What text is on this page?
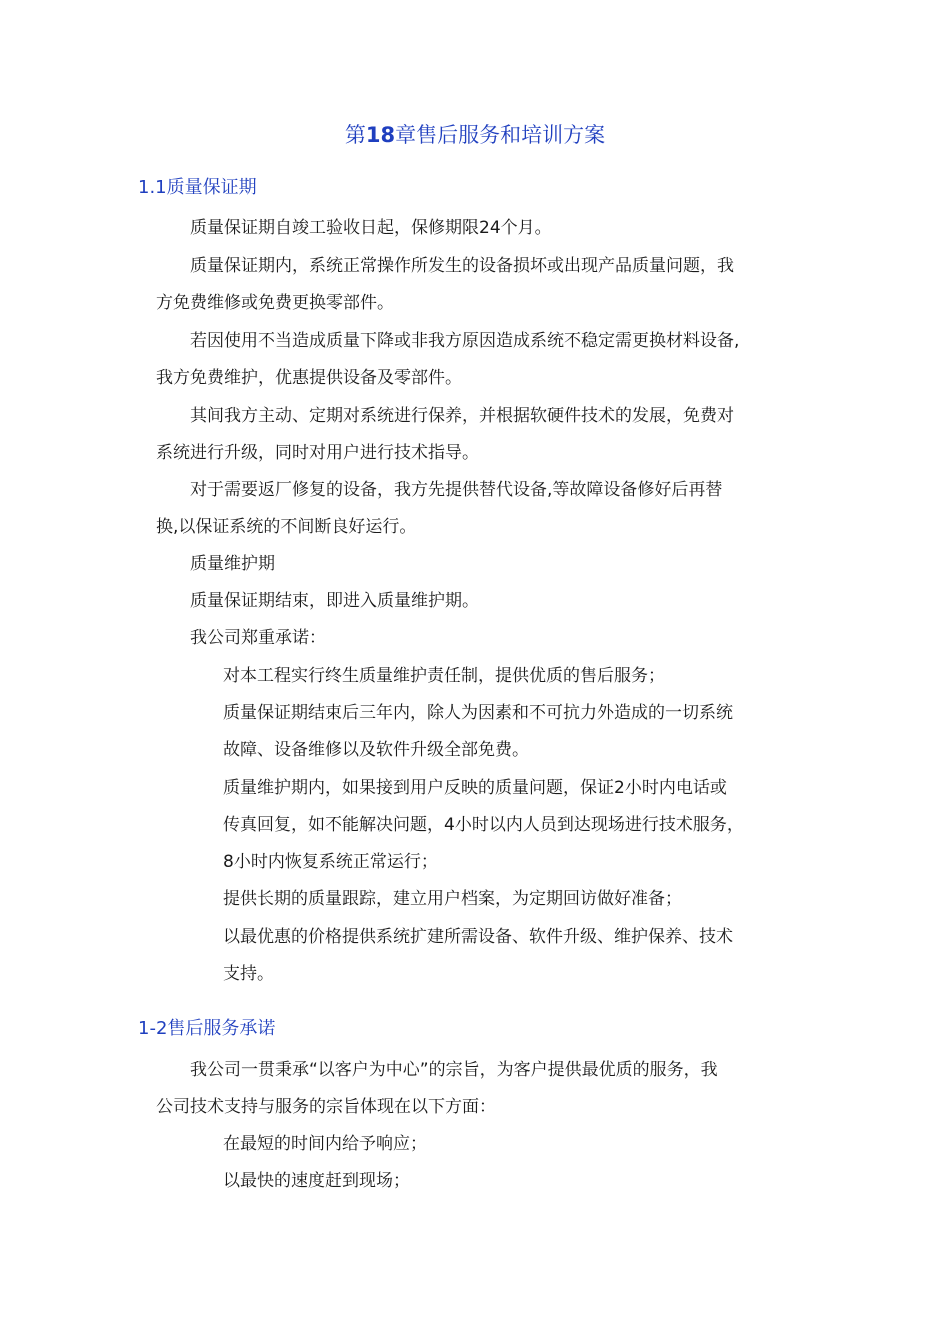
第18章售后服务和培训方案
1.1质量保证期

质量保证期自竣工验收日起，保修期限24个月。

质量保证期内，系统正常操作所发生的设备损坏或出现产品质量问题，我

方免费维修或免费更换零部件。

若因使用不当造成质量下降或非我方原因造成系统不稳定需更换材料设备,

我方免费维护，优惠提供设备及零部件。

其间我方主动、定期对系统进行保养，并根据软硬件技术的发展，免费对

系统进行升级，同时对用户进行技术指导。

对于需要返厂修复的设备，我方先提供替代设备,等故障设备修好后再替

换,以保证系统的不间断良好运行。

质量维护期

质量保证期结束，即进入质量维护期。

我公司郑重承诺：

对本工程实行终生质量维护责任制，提供优质的售后服务；

质量保证期结束后三年内，除人为因素和不可抗力外造成的一切系统

故障、设备维修以及软件升级全部免费。

质量维护期内，如果接到用户反映的质量问题，保证2小时内电话或

传真回复，如不能解决问题，4小时以内人员到达现场进行技术服务，

8小时内恢复系统正常运行；

提供长期的质量跟踪，建立用户档案，为定期回访做好准备；

以最优惠的价格提供系统扩建所需设备、软件升级、维护保养、技术

支持。

1-2售后服务承诺

我公司一贯秉承“以客户为中心”的宗旨，为客户提供最优质的服务，我

公司技术支持与服务的宗旨体现在以下方面：

在最短的时间内给予响应；

以最快的速度赶到现场；
